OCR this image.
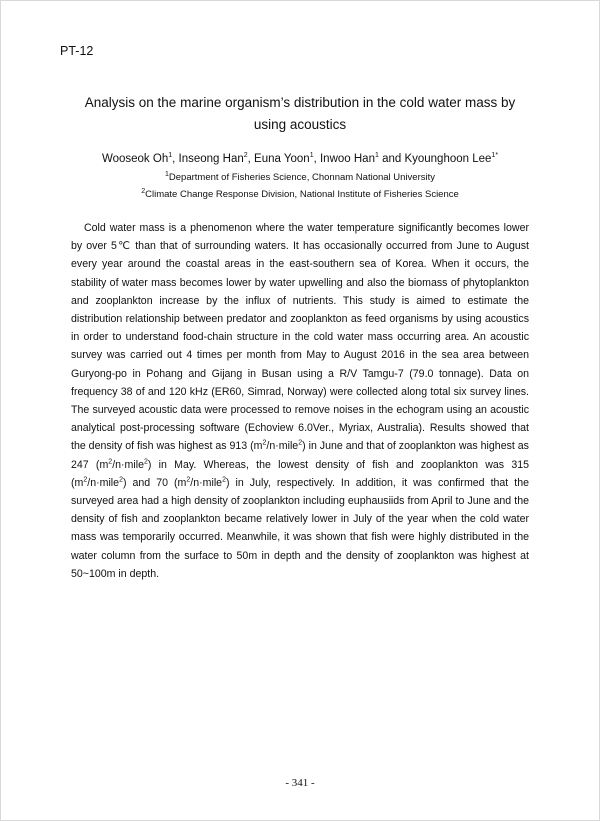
PT-12
Analysis on the marine organism’s distribution in the cold water mass by using acoustics
Wooseok Oh$^1$, Inseong Han$^2$, Euna Yoon$^1$, Inwoo Han$^1$ and Kyounghoon Lee$^{1*}$
$^1$Department of Fisheries Science, Chonnam National University
$^2$Climate Change Response Division, National Institute of Fisheries Science

Cold water mass is a phenomenon where the water temperature significantly becomes lower by over 5℃ than that of surrounding waters. It has occasionally occurred from June to August every year around the coastal areas in the east-southern sea of Korea. When it occurs, the stability of water mass becomes lower by water upwelling and also the biomass of phytoplankton and zooplankton increase by the influx of nutrients. This study is aimed to estimate the distribution relationship between predator and zooplankton as feed organisms by using acoustics in order to understand food-chain structure in the cold water mass occurring area. An acoustic survey was carried out 4 times per month from May to August 2016 in the sea area between Guryong-po in Pohang and Gijang in Busan using a R/V Tamgu-7 (79.0 tonnage). Data on frequency 38 of and 120 kHz (ER60, Simrad, Norway) were collected along total six survey lines. The surveyed acoustic data were processed to remove noises in the echogram using an acoustic analytical post-processing software (Echoview 6.0Ver., Myriax, Australia). Results showed that the density of fish was highest as 913 $(m^2/n\cdot mile^2)$ in June and that of zooplankton was highest as 247 $(m^2/n\cdot mile^2)$ in May. Whereas, the lowest density of fish and zooplankton was 315 $(m^2/n\cdot mile^2)$ and 70 $(m^2/n\cdot mile^2)$ in July, respectively. In addition, it was confirmed that the surveyed area had a high density of zooplankton including euphausiids from April to June and the density of fish and zooplankton became relatively lower in July of the year when the cold water mass was temporarily occurred. Meanwhile, it was shown that fish were highly distributed in the water column from the surface to 50m in depth and the density of zooplankton was highest at 50~100m in depth.

- 341 -
